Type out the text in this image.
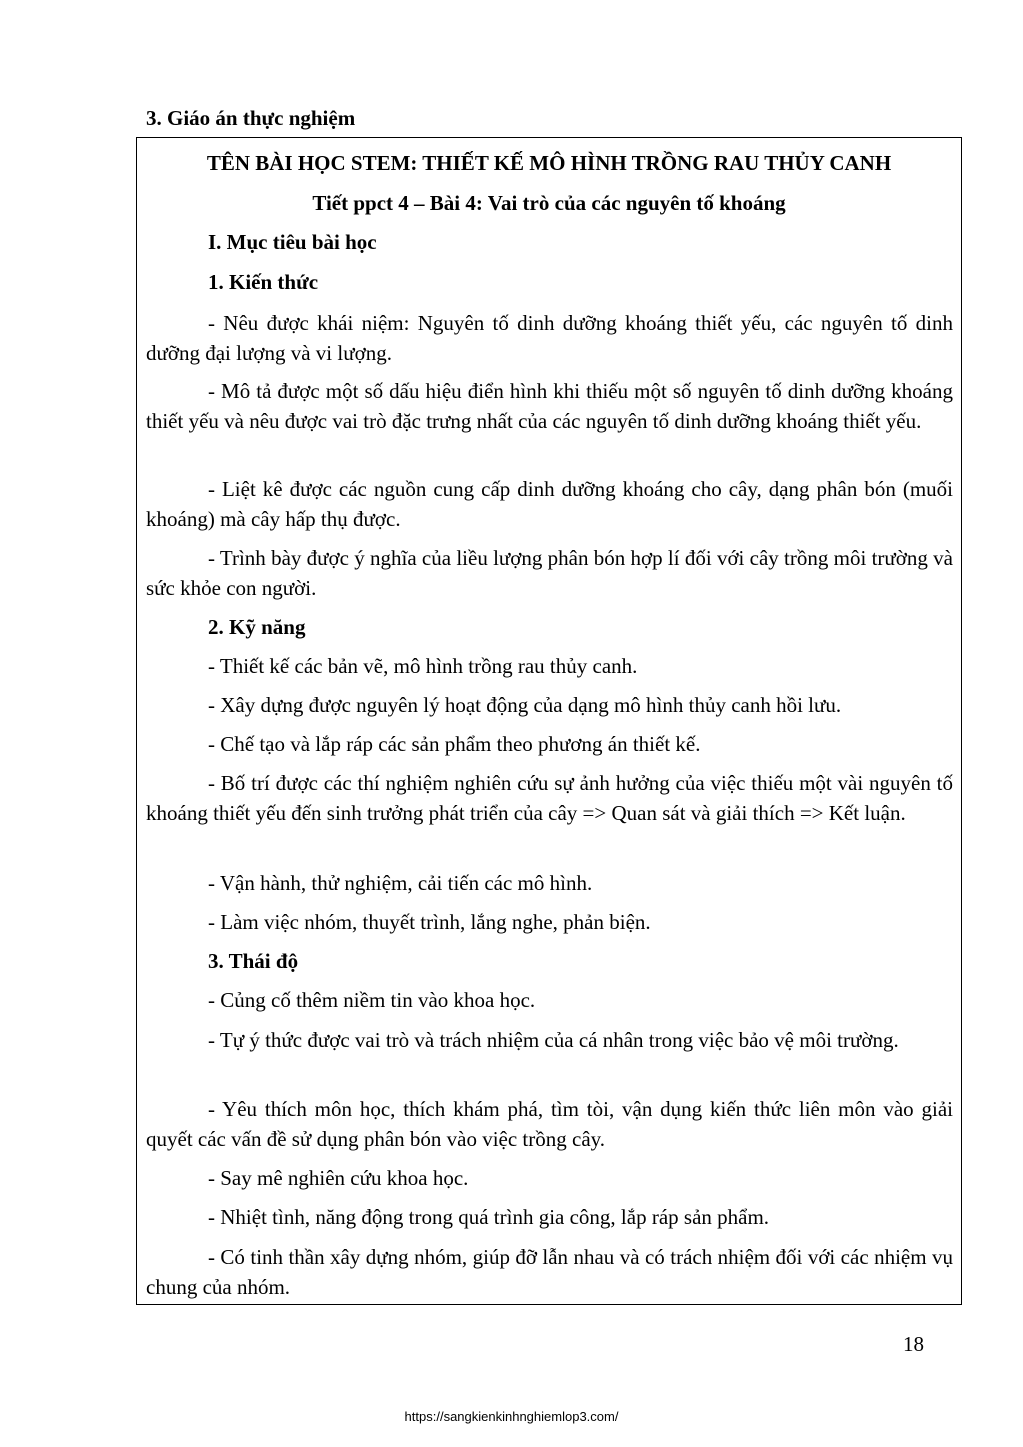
3. Giáo án thực nghiệm

TÊN BÀI HỌC STEM: THIẾT KẾ MÔ HÌNH TRỒNG RAU THỦY CANH

Tiết ppct 4 – Bài 4: Vai trò của các nguyên tố khoáng

I. Mục tiêu bài học

1. Kiến thức

- Nêu được khái niệm: Nguyên tố dinh dưỡng khoáng thiết yếu, các nguyên tố dinh dưỡng đại lượng và vi lượng.

- Mô tả được một số dấu hiệu điển hình khi thiếu một số nguyên tố dinh dưỡng khoáng thiết yếu và nêu được vai trò đặc trưng nhất của các nguyên tố dinh dưỡng khoáng thiết yếu.

- Liệt kê được các nguồn cung cấp dinh dưỡng khoáng cho cây, dạng phân bón (muối khoáng) mà cây hấp thụ được.

- Trình bày được ý nghĩa của liều lượng phân bón hợp lí đối với cây trồng môi trường và sức khỏe con người.

2. Kỹ năng

- Thiết kế các bản vẽ, mô hình trồng rau thủy canh.

- Xây dựng được nguyên lý hoạt động của dạng mô hình thủy canh hồi lưu.

- Chế tạo và lắp ráp các sản phẩm theo phương án thiết kế.

- Bố trí được các thí nghiệm nghiên cứu sự ảnh hưởng của việc thiếu một vài nguyên tố khoáng thiết yếu đến sinh trưởng phát triển của cây => Quan sát và giải thích => Kết luận.

- Vận hành, thử nghiệm, cải tiến các mô hình.

- Làm việc nhóm, thuyết trình, lắng nghe, phản biện.

3. Thái độ

- Củng cố thêm niềm tin vào khoa học.

- Tự ý thức được vai trò và trách nhiệm của cá nhân trong việc bảo vệ môi trường.

- Yêu thích môn học, thích khám phá, tìm tòi, vận dụng kiến thức liên môn vào giải quyết các vấn đề sử dụng phân bón vào việc trồng cây.

- Say mê nghiên cứu khoa học.

- Nhiệt tình, năng động trong quá trình gia công, lắp ráp sản phẩm.

- Có tinh thần xây dựng nhóm, giúp đỡ lẫn nhau và có trách nhiệm đối với các nhiệm vụ chung của nhóm.

18
https://sangkienkinhnghiemlop3.com/
